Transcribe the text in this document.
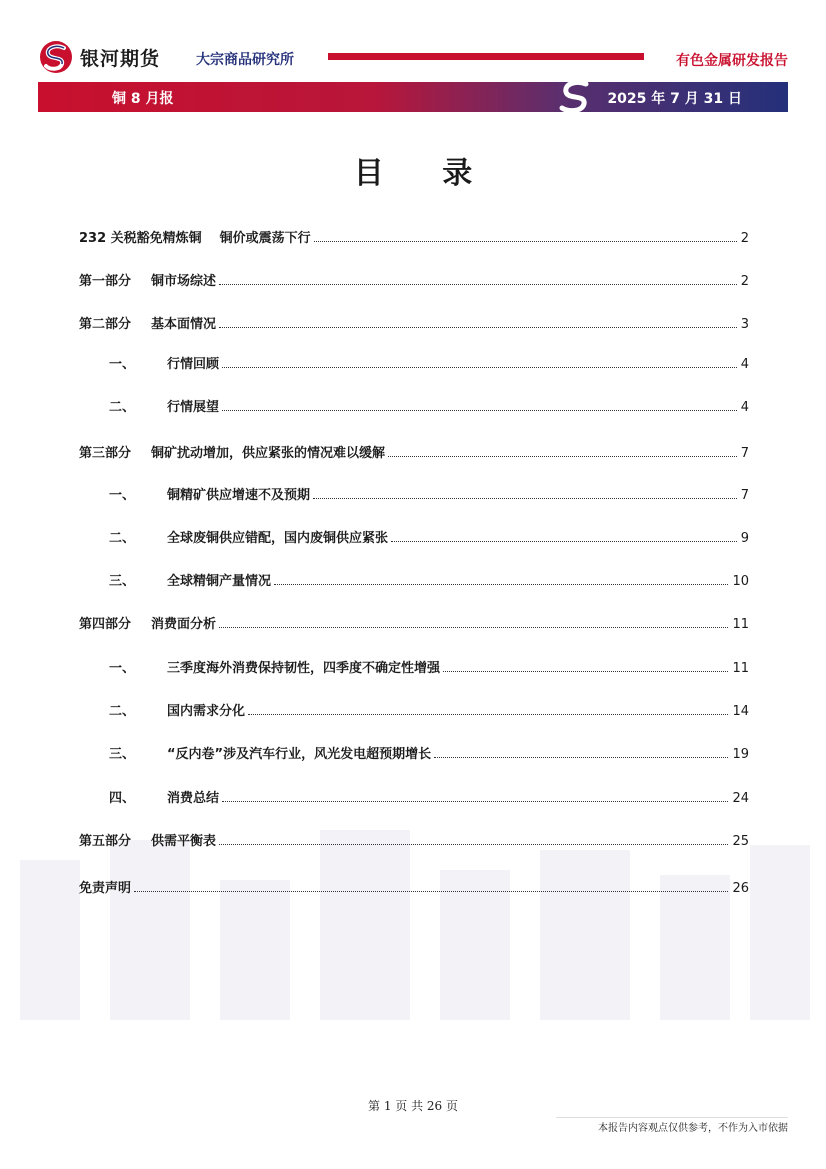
银河期货	大宗商品研究所	有色金属研发报告
铜 8 月报	2025 年 7 月 31 日
目 录
232 关税豁免精炼铜 铜价或震荡下行	2
第一部分	铜市场综述	2
第二部分	基本面情况	3
一、	行情回顾	4
二、	行情展望	4
第三部分	铜矿扰动增加，供应紧张的情况难以缓解	7
一、	铜精矿供应增速不及预期	7
二、	全球废铜供应错配，国内废铜供应紧张	9
三、	全球精铜产量情况	10
第四部分	消费面分析	11
一、	三季度海外消费保持韧性，四季度不确定性增强	11
二、	国内需求分化	14
三、	“反内卷”涉及汽车行业，风光发电超预期增长	19
四、	消费总结	24
第五部分	供需平衡表	25
免责声明	26
第 1 页 共 26 页
本报告内容观点仅供参考，不作为入市依据
